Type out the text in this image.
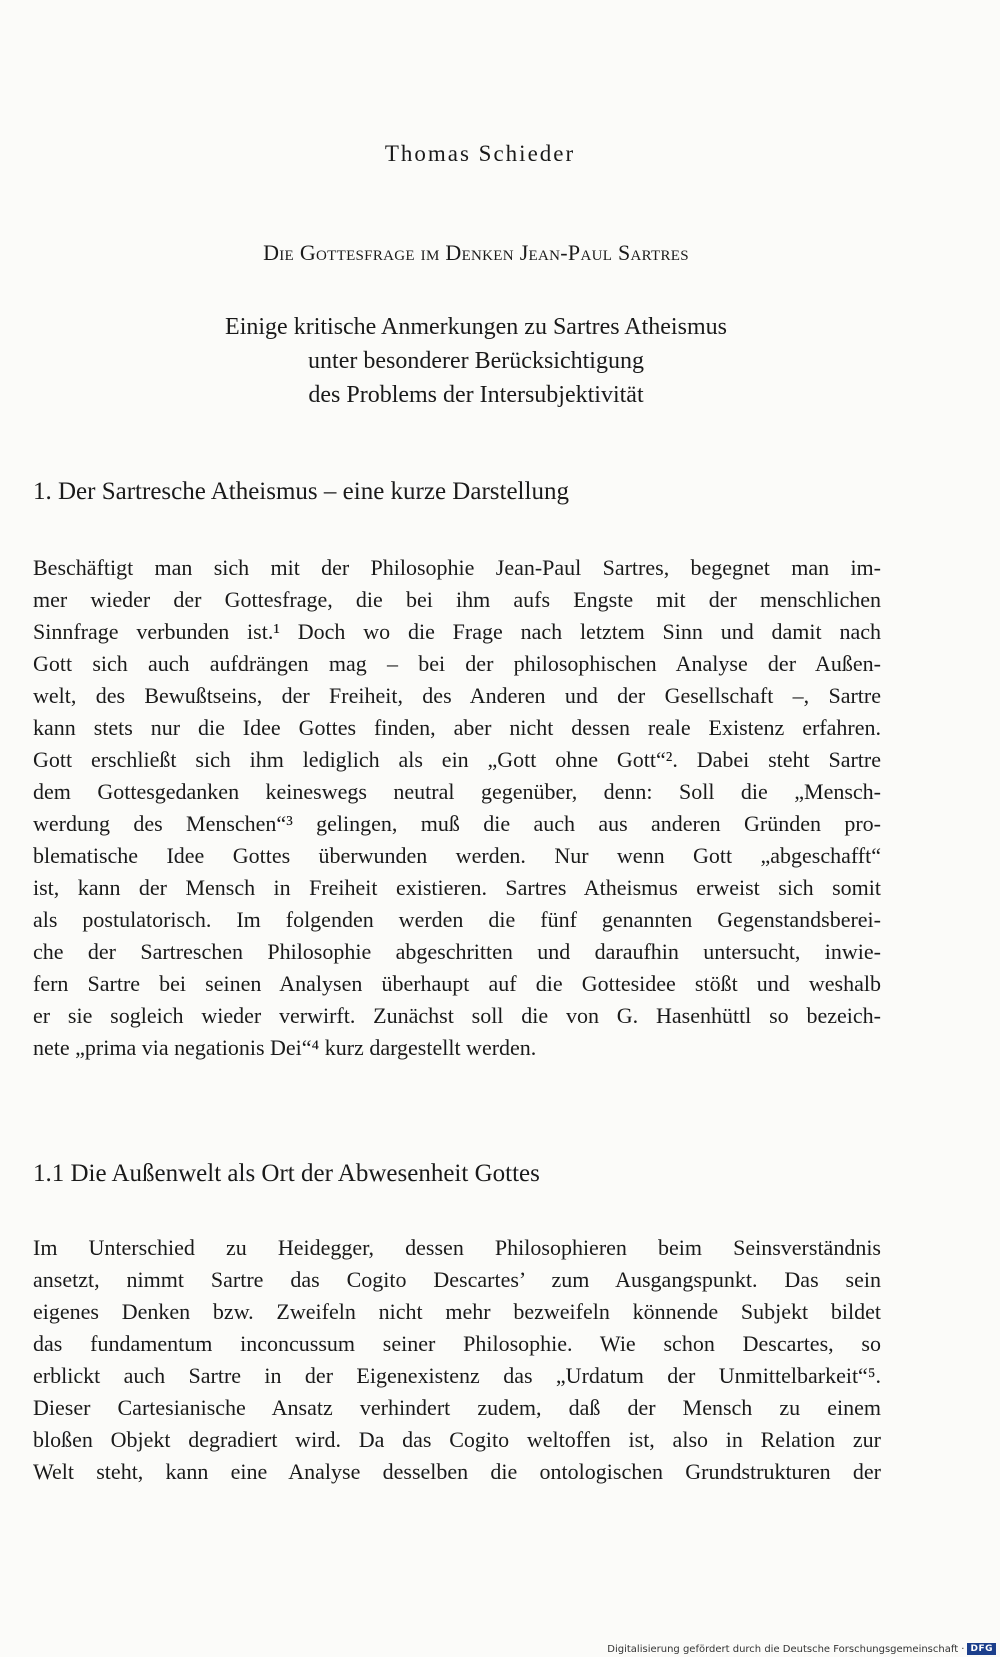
Thomas Schieder
Die Gottesfrage im Denken Jean-Paul Sartres
Einige kritische Anmerkungen zu Sartres Atheismus
unter besonderer Berücksichtigung
des Problems der Intersubjektivität
1. Der Sartresche Atheismus – eine kurze Darstellung
Beschäftigt man sich mit der Philosophie Jean-Paul Sartres, begegnet man im-
mer wieder der Gottesfrage, die bei ihm aufs Engste mit der menschlichen
Sinnfrage verbunden ist.¹ Doch wo die Frage nach letztem Sinn und damit nach
Gott sich auch aufdrängen mag – bei der philosophischen Analyse der Außen-
welt, des Bewußtseins, der Freiheit, des Anderen und der Gesellschaft –, Sartre
kann stets nur die Idee Gottes finden, aber nicht dessen reale Existenz erfahren.
Gott erschließt sich ihm lediglich als ein „Gott ohne Gott“². Dabei steht Sartre
dem Gottesgedanken keineswegs neutral gegenüber, denn: Soll die „Mensch-
werdung des Menschen“³ gelingen, muß die auch aus anderen Gründen pro-
blematische Idee Gottes überwunden werden. Nur wenn Gott „abgeschafft“
ist, kann der Mensch in Freiheit existieren. Sartres Atheismus erweist sich somit
als postulatorisch. Im folgenden werden die fünf genannten Gegenstandsberei-
che der Sartreschen Philosophie abgeschritten und daraufhin untersucht, inwie-
fern Sartre bei seinen Analysen überhaupt auf die Gottesidee stößt und weshalb
er sie sogleich wieder verwirft. Zunächst soll die von G. Hasenhüttl so bezeich-
nete „prima via negationis Dei“⁴ kurz dargestellt werden.
1.1 Die Außenwelt als Ort der Abwesenheit Gottes
Im Unterschied zu Heidegger, dessen Philosophieren beim Seinsverständnis
ansetzt, nimmt Sartre das Cogito Descartes’ zum Ausgangspunkt. Das sein
eigenes Denken bzw. Zweifeln nicht mehr bezweifeln könnende Subjekt bildet
das fundamentum inconcussum seiner Philosophie. Wie schon Descartes, so
erblickt auch Sartre in der Eigenexistenz das „Urdatum der Unmittelbarkeit“⁵.
Dieser Cartesianische Ansatz verhindert zudem, daß der Mensch zu einem
bloßen Objekt degradiert wird. Da das Cogito weltoffen ist, also in Relation zur
Welt steht, kann eine Analyse desselben die ontologischen Grundstrukturen der
Digitalisierung gefördert durch die Deutsche Forschungsgemeinschaft · DFG
